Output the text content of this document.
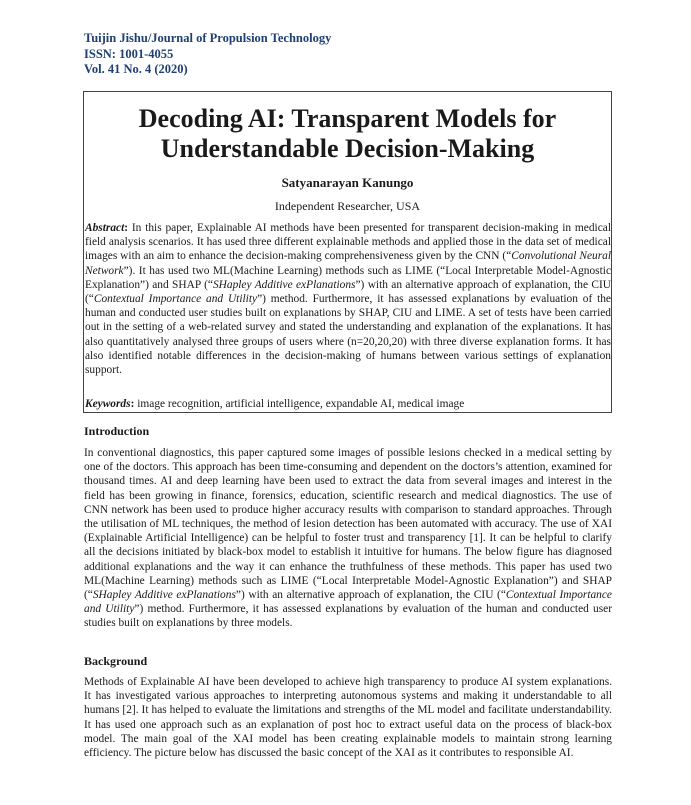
Tuijin Jishu/Journal of Propulsion Technology
ISSN: 1001-4055
Vol. 41 No. 4 (2020)
Decoding AI: Transparent Models for
Understandable Decision-Making
Satyanarayan Kanungo
Independent Researcher, USA
Abstract: In this paper, Explainable AI methods have been presented for transparent decision-making in medical field analysis scenarios. It has used three different explainable methods and applied those in the data set of medical images with an aim to enhance the decision-making comprehensiveness given by the CNN (“Convolutional Neural Network”). It has used two ML(Machine Learning) methods such as LIME (“Local Interpretable Model-Agnostic Explanation”) and SHAP (“SHapley Additive exPlanations”) with an alternative approach of explanation, the CIU (“Contextual Importance and Utility”) method. Furthermore, it has assessed explanations by evaluation of the human and conducted user studies built on explanations by SHAP, CIU and LIME. A set of tests have been carried out in the setting of a web-related survey and stated the understanding and explanation of the explanations. It has also quantitatively analysed three groups of users where (n=20,20,20) with three diverse explanation forms. It has also identified notable differences in the decision-making of humans between various settings of explanation support.
Keywords: image recognition, artificial intelligence, expandable AI, medical image
Introduction
In conventional diagnostics, this paper captured some images of possible lesions checked in a medical setting by one of the doctors. This approach has been time-consuming and dependent on the doctors’s attention, examined for thousand times. AI and deep learning have been used to extract the data from several images and interest in the field has been growing in finance, forensics, education, scientific research and medical diagnostics. The use of CNN network has been used to produce higher accuracy results with comparison to standard approaches. Through the utilisation of ML techniques, the method of lesion detection has been automated with accuracy. The use of XAI (Explainable Artificial Intelligence) can be helpful to foster trust and transparency [1]. It can be helpful to clarify all the decisions initiated by black-box model to establish it intuitive for humans. The below figure has diagnosed additional explanations and the way it can enhance the truthfulness of these methods. This paper has used two ML(Machine Learning) methods such as LIME (“Local Interpretable Model-Agnostic Explanation”) and SHAP (“SHapley Additive exPlanations”) with an alternative approach of explanation, the CIU (“Contextual Importance and Utility”) method. Furthermore, it has assessed explanations by evaluation of the human and conducted user studies built on explanations by three models.
Background
Methods of Explainable AI have been developed to achieve high transparency to produce AI system explanations. It has investigated various approaches to interpreting autonomous systems and making it understandable to all humans [2]. It has helped to evaluate the limitations and strengths of the ML model and facilitate understandability. It has used one approach such as an explanation of post hoc to extract useful data on the process of black-box model. The main goal of the XAI model has been creating explainable models to maintain strong learning efficiency. The picture below has discussed the basic concept of the XAI as it contributes to responsible AI.
